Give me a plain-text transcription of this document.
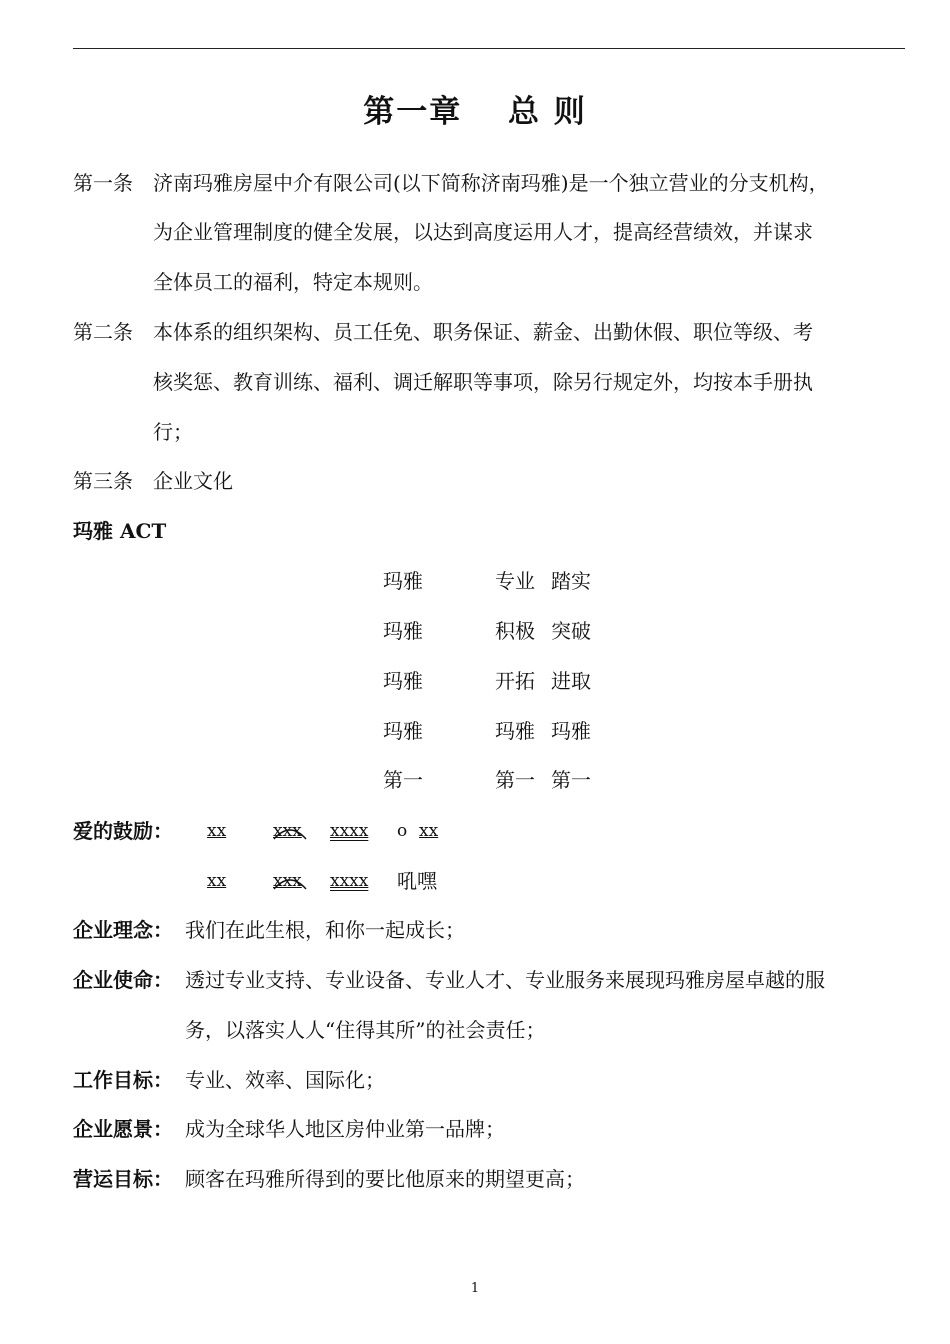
第一章　 总 则
第一条 济南玛雅房屋中介有限公司(以下简称济南玛雅)是一个独立营业的分支机构，
为企业管理制度的健全发展，以达到高度运用人才，提高经营绩效，并谋求
全体员工的福利，特定本规则。
第二条 本体系的组织架构、员工任免、职务保证、薪金、出勤休假、职位等级、考
核奖惩、教育训练、福利、调迁解职等事项，除另行规定外，均按本手册执
行；
第三条 企业文化
玛雅 ACT
玛雅	专业 踏实
玛雅	积极 突破
玛雅	开拓 进取
玛雅	玛雅 玛雅
第一	第一 第一
爱的鼓励： xx	xxx xxxx o xx
xx	xxx xxxx 吼嘿
企业理念： 我们在此生根，和你一起成长；
企业使命： 透过专业支持、专业设备、专业人才、专业服务来展现玛雅房屋卓越的服
务，以落实人人“住得其所”的社会责任；
工作目标： 专业、效率、国际化；
企业愿景： 成为全球华人地区房仲业第一品牌；
营运目标： 顾客在玛雅所得到的要比他原来的期望更高；
1
